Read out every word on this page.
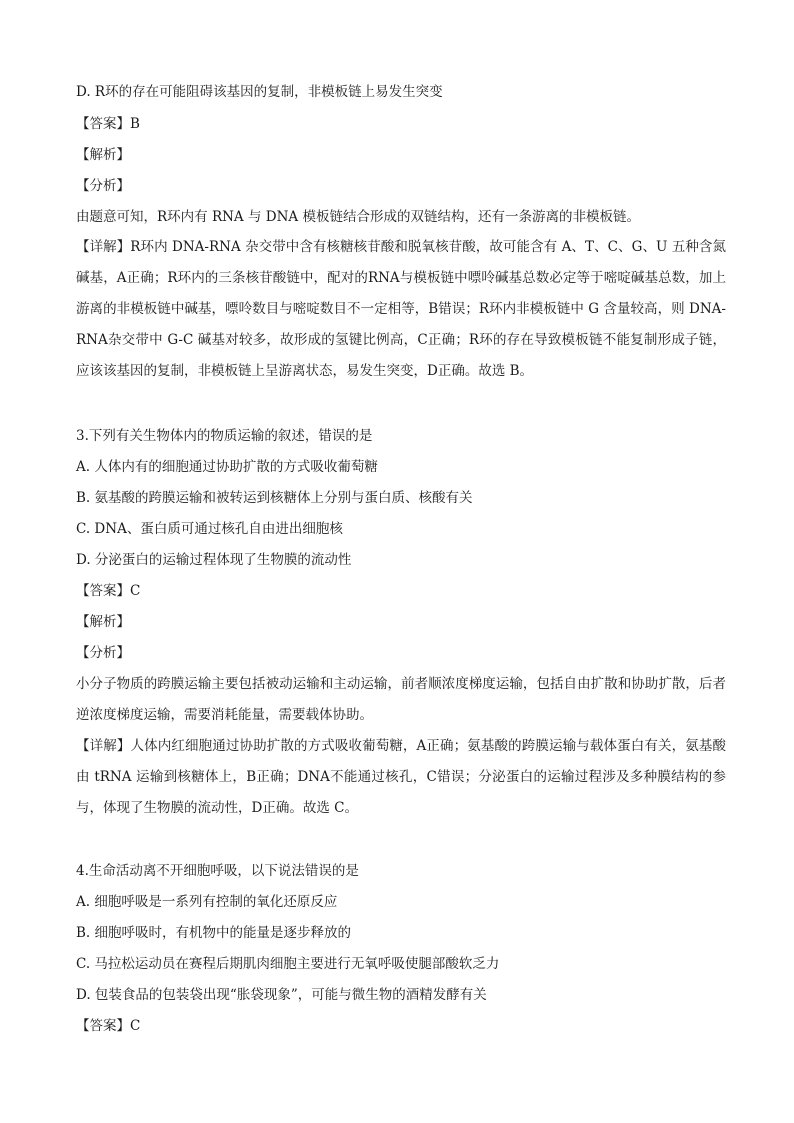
D. R环的存在可能阻碍该基因的复制，非模板链上易发生突变
【答案】B
【解析】
【分析】
由题意可知，R环内有 RNA 与 DNA 模板链结合形成的双链结构，还有一条游离的非模板链。

【详解】R环内 DNA-RNA 杂交带中含有核糖核苷酸和脱氧核苷酸，故可能含有 A、T、C、G、U 五种含氮碱基，A正确；R环内的三条核苷酸链中，配对的RNA与模板链中嘌呤碱基总数必定等于嘧啶碱基总数，加上游离的非模板链中碱基，嘌呤数目与嘧啶数目不一定相等，B错误；R环内非模板链中 G 含量较高，则 DNA-RNA杂交带中 G-C 碱基对较多，故形成的氢键比例高，C正确；R环的存在导致模板链不能复制形成子链，应该该基因的复制，非模板链上呈游离状态，易发生突变，D正确。故选 B。

3.下列有关生物体内的物质运输的叙述，错误的是
A. 人体内有的细胞通过协助扩散的方式吸收葡萄糖
B. 氨基酸的跨膜运输和被转运到核糖体上分别与蛋白质、核酸有关
C. DNA、蛋白质可通过核孔自由进出细胞核
D. 分泌蛋白的运输过程体现了生物膜的流动性
【答案】C
【解析】
【分析】

小分子物质的跨膜运输主要包括被动运输和主动运输，前者顺浓度梯度运输，包括自由扩散和协助扩散，后者逆浓度梯度运输，需要消耗能量，需要载体协助。

【详解】人体内红细胞通过协助扩散的方式吸收葡萄糖，A正确；氨基酸的跨膜运输与载体蛋白有关，氨基酸由 tRNA 运输到核糖体上，B正确；DNA不能通过核孔，C错误；分泌蛋白的运输过程涉及多种膜结构的参与，体现了生物膜的流动性，D正确。故选 C。

4.生命活动离不开细胞呼吸，以下说法错误的是
A. 细胞呼吸是一系列有控制的氧化还原反应
B. 细胞呼吸时，有机物中的能量是逐步释放的
C. 马拉松运动员在赛程后期肌肉细胞主要进行无氧呼吸使腿部酸软乏力
D. 包装食品的包装袋出现“胀袋现象”，可能与微生物的酒精发酵有关
【答案】C
